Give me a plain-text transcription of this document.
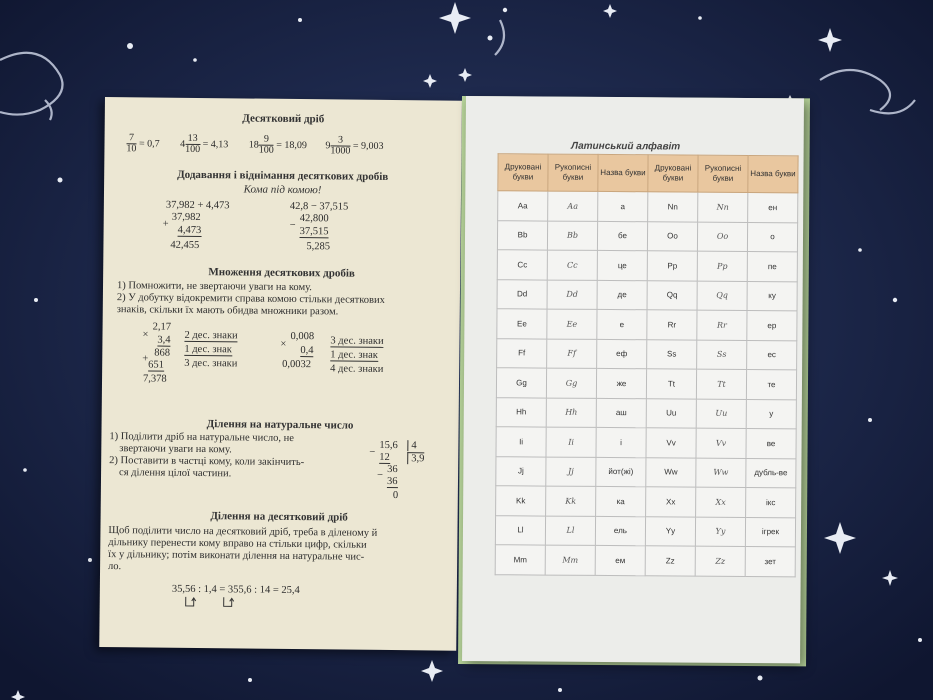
Десятковий дріб
$\frac{7}{10} = 0,7$ $4 \frac{13}{100} = 4,13$ $18 \frac{9}{100} = 18,09$ $9 \frac{3}{1000} = 9,003$
Додавання і віднімання десяткових дробів
Кома під комою!
37,982 + 4,473
37,982
+
4,473
42,455
42,8 − 37,515
42,800
−
37,515
5,285
Множення десяткових дробів
1) Помножити, не звертаючи уваги на кому.
2) У добутку відокремити справа комою стільки десяткових
знаків, скільки їх мають обидва множники разом.
2,17
× 3,4
868
+
651
7,378
2 дес. знаки
1 дес. знак
3 дес. знаки
0,008
×
0,4
0,0032
3 дес. знаки
1 дес. знак
4 дес. знаки
Ділення на натуральне число
1) Поділити дріб на натуральне число, не
звертаючи уваги на кому.
2) Поставити в частці кому, коли закінчить-
ся ділення цілої частини.
15,6	4
− 12	3,9
36
−
36
0
Ділення на десятковий дріб
Щоб поділити число на десятковий дріб, треба в діленому й
дільнику перенести кому вправо на стільки цифр, скільки
їх у дільнику; потім виконати ділення на натуральне чис-
ло.
35,56 : 1,4 = 355,6 : 14 = 25,4
Латинський алфавіт
Друковані букви	Рукописні букви	Назва букви	Друковані букви	Рукописні букви	Назва букви
Aa	Aa	а	Nn	Nn	ен
Bb	Bb	бе	Oo	Oo	о
Cc	Cc	це	Pp	Pp	пе
Dd	Dd	де	Qq	Qq	ку
Ee	Ee	е	Rr	Rr	ер
Ff	Ff	еф	Ss	Ss	ес
Gg	Gg	же	Tt	Tt	те
Hh	Hh	аш	Uu	Uu	у
Ii	Ii	і	Vv	Vv	ве
Jj	Jj	йот(жі)	Ww	Ww	дубль-ве
Kk	Kk	ка	Xx	Xx	ікс
Ll	Ll	ель	Yy	Yy	ігрек
Mm	Mm	ем	Zz	Zz	зет
